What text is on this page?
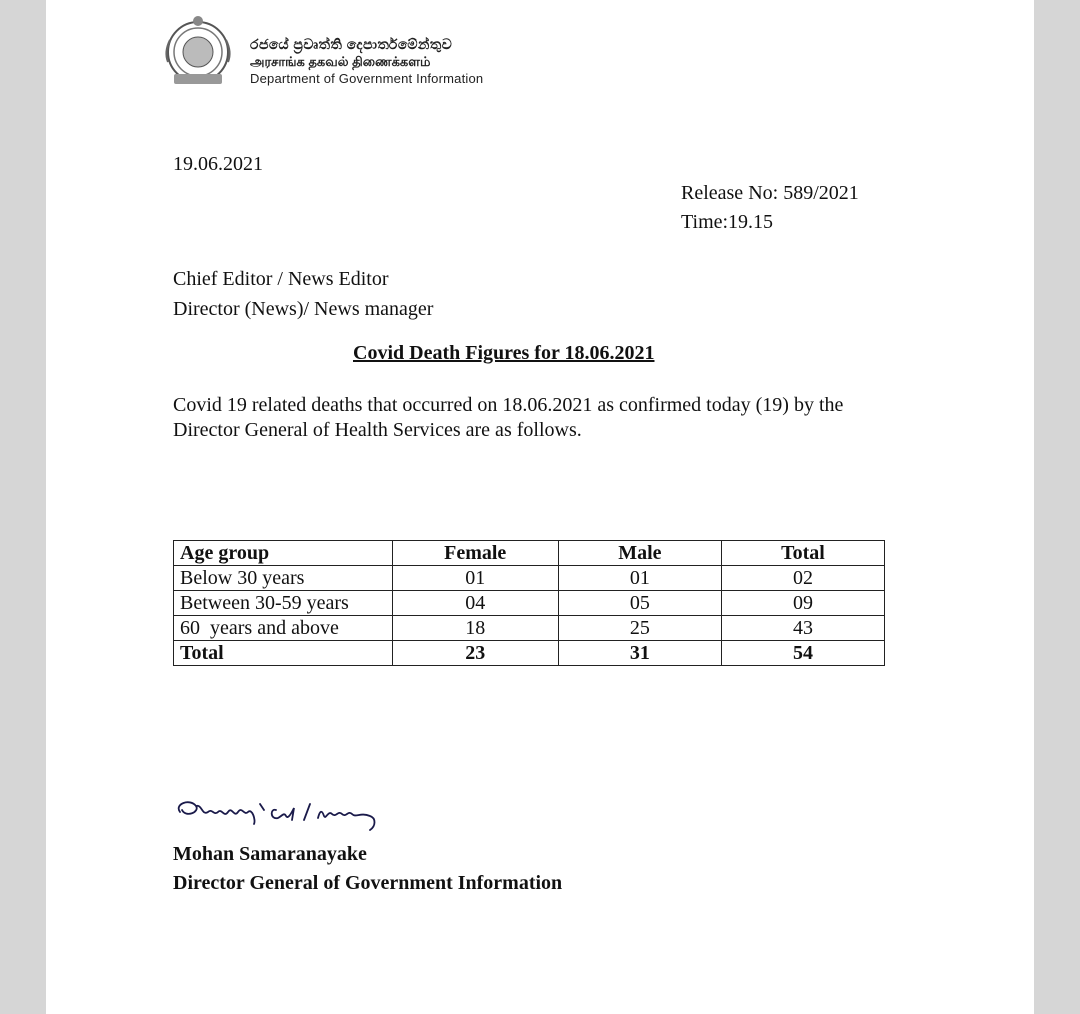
රජයේ ප්‍රවෘත්ති දෙපාර්තමේන්තුව
அரசாங்க தகவல் திணைக்களம்
Department of Government Information
19.06.2021
Release No: 589/2021
Time:19.15
Chief Editor / News Editor
Director (News)/ News manager
Covid Death Figures for 18.06.2021
Covid 19 related deaths that occurred on 18.06.2021 as confirmed today (19) by the Director General of Health Services are as follows.
Age group	Female	Male	Total
Below 30 years	01	01	02
Between 30-59 years	04	05	09
60  years and above	18	25	43
Total	23	31	54
Mohan Samaranayake
Director General of Government Information
